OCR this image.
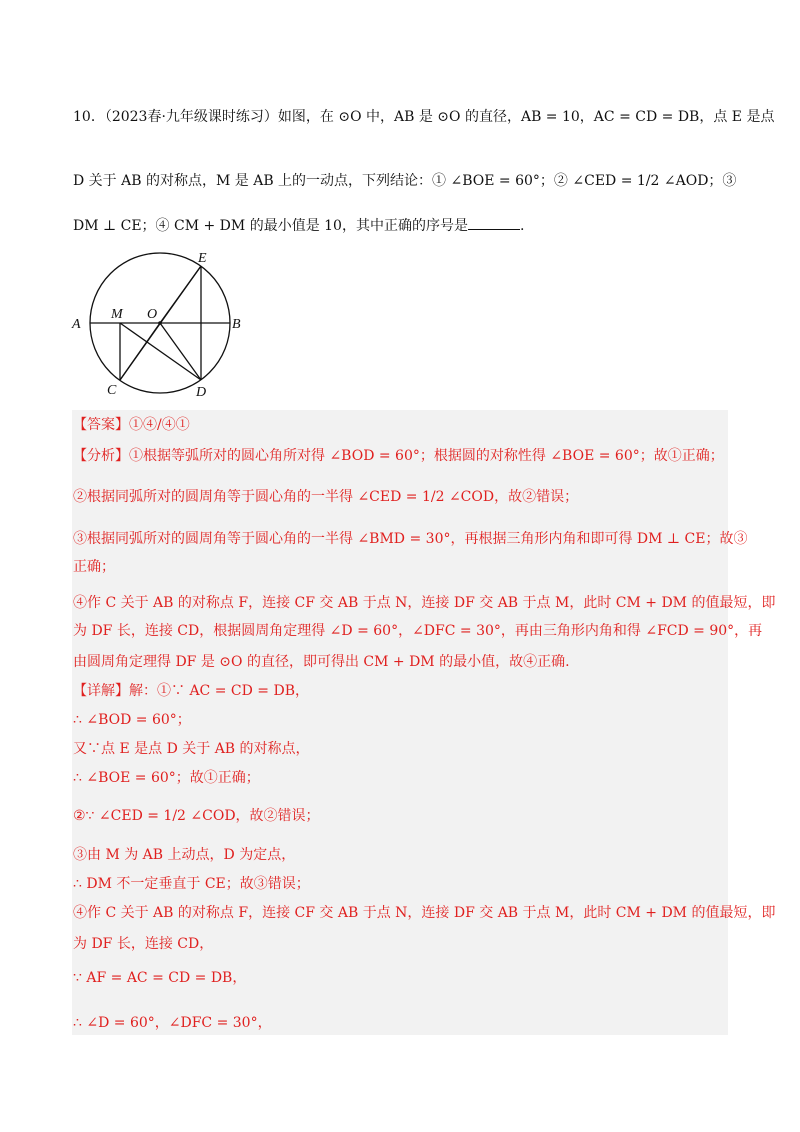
10．（2023春·九年级课时练习）如图，在 ⊙O 中，AB 是 ⊙O 的直径，AB = 10，AC = CD = DB，点 E 是点
D 关于 AB 的对称点，M 是 AB 上的一动点，下列结论：① ∠BOE = 60°；② ∠CED = 1/2 ∠AOD；③
DM ⊥ CE；④ CM + DM 的最小值是 10，其中正确的序号是	.
A	B
M O
C	D
E
【答案】①④/④①
【分析】①根据等弧所对的圆心角所对得 ∠BOD = 60°；根据圆的对称性得 ∠BOE = 60°；故①正确；
②根据同弧所对的圆周角等于圆心角的一半得 ∠CED = 1/2 ∠COD，故②错误；
③根据同弧所对的圆周角等于圆心角的一半得 ∠BMD = 30°，再根据三角形内角和即可得 DM ⊥ CE；故③
正确；
④作 C 关于 AB 的对称点 F，连接 CF 交 AB 于点 N，连接 DF 交 AB 于点 M，此时 CM + DM 的值最短，即
为 DF 长，连接 CD，根据圆周角定理得 ∠D = 60°，∠DFC = 30°，再由三角形内角和得 ∠FCD = 90°，再
由圆周角定理得 DF 是 ⊙O 的直径，即可得出 CM + DM 的最小值，故④正确.
【详解】解：①∵ AC = CD = DB，
∴ ∠BOD = 60°；
又∵点 E 是点 D 关于 AB 的对称点，
∴ ∠BOE = 60°；故①正确；
②∵ ∠CED = 1/2 ∠COD，故②错误；
③由 M 为 AB 上动点，D 为定点，
∴ DM 不一定垂直于 CE；故③错误；
④作 C 关于 AB 的对称点 F，连接 CF 交 AB 于点 N，连接 DF 交 AB 于点 M，此时 CM + DM 的值最短，即
为 DF 长，连接 CD，
∵ AF = AC = CD = DB，
∴ ∠D = 60°，∠DFC = 30°，
